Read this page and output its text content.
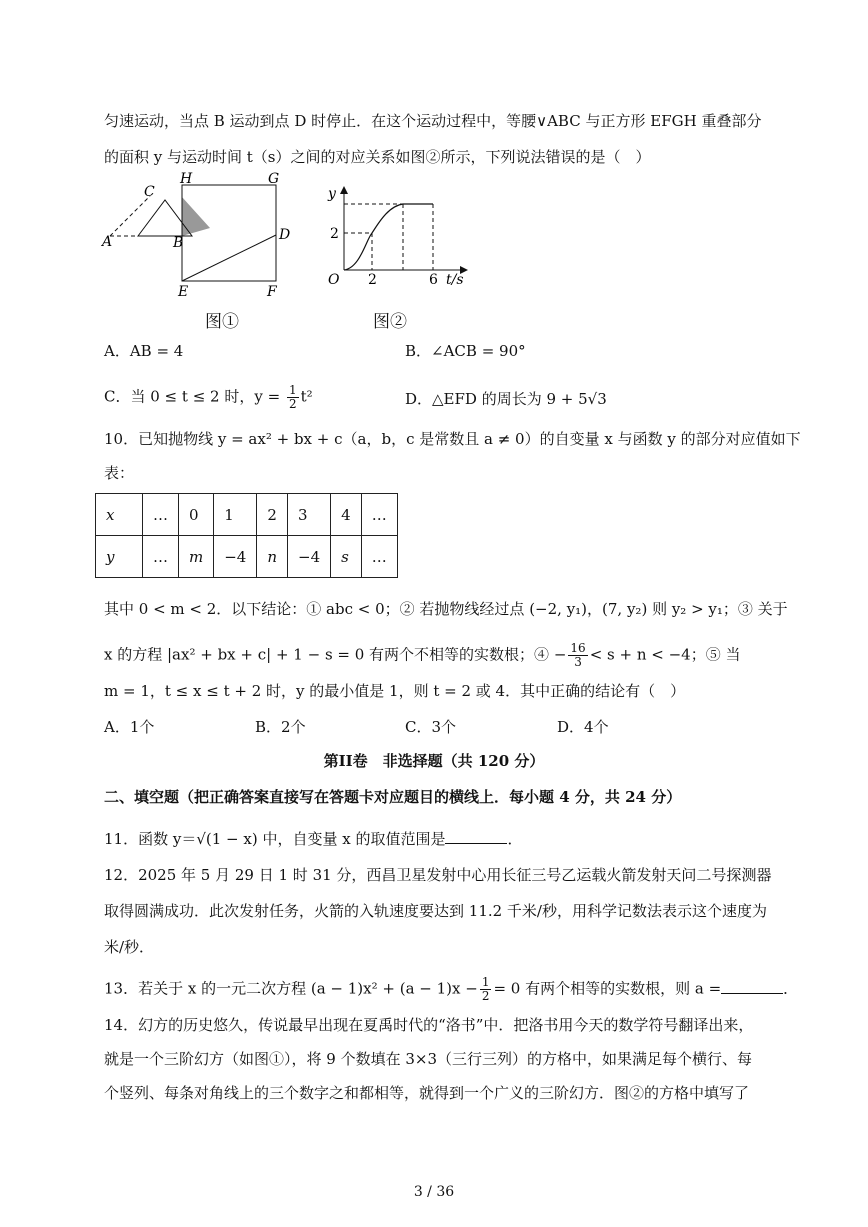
匀速运动，当点 B 运动到点 D 时停止．在这个运动过程中，等腰∨ABC 与正方形 EFGH 重叠部分
的面积 y 与运动时间 t（s）之间的对应关系如图②所示，下列说法错误的是（　）
C
H	G
A	B	D
E	F
图①
y
2
O 2	6 t/s
图②
A．AB = 4	B．∠ACB = 90°
C．当 0 ≤ t ≤ 2 时，$y = \frac{1}{2} t^2$	D．△EFD 的周长为 9 + 5√3
10．已知抛物线 y = ax² + bx + c（a，b，c 是常数且 a ≠ 0）的自变量 x 与函数 y 的部分对应值如下
表：
x	…	0	1	2	3	4	…
y	…	m	−4	n	−4	s	…
其中 0 < m < 2．以下结论：① abc < 0；② 若抛物线经过点 (−2, y₁)，(7, y₂) 则 y₂ > y₁；③ 关于
x 的方程 |ax² + bx + c| + 1 − s = 0 有两个不相等的实数根；④ − $\frac{16}{3} < s + n < -4$；⑤ 当
m = 1，t ≤ x ≤ t + 2 时，y 的最小值是 1，则 t = 2 或 4．其中正确的结论有（　）
A．1个	B．2个	C．3个	D．4个
第II卷　非选择题（共 120 分）
二、填空题（把正确答案直接写在答题卡对应题目的横线上．每小题 4 分，共 24 分）
11．函数 y＝√(1 − x) 中，自变量 x 的取值范围是	．
12．2025 年 5 月 29 日 1 时 31 分，西昌卫星发射中心用长征三号乙运载火箭发射天问二号探测器
取得圆满成功．此次发射任务，火箭的入轨速度要达到 11.2 千米/秒，用科学记数法表示这个速度为
米/秒．
13．若关于 x 的一元二次方程 $(a - 1)x^2 + (a - 1)x - \frac{1}{2} = 0$ 有两个相等的实数根，则 a =	．
14．幻方的历史悠久，传说最早出现在夏禹时代的“洛书”中．把洛书用今天的数学符号翻译出来，
就是一个三阶幻方（如图①），将 9 个数填在 3×3（三行三列）的方格中，如果满足每个横行、每
个竖列、每条对角线上的三个数字之和都相等，就得到一个广义的三阶幻方．图②的方格中填写了
3 / 36
